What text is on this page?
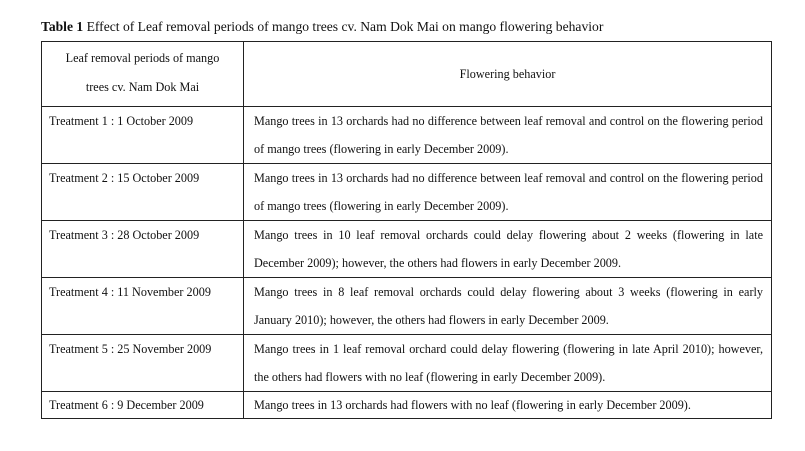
Table 1 Effect of Leaf removal periods of mango trees cv. Nam Dok Mai on mango flowering behavior
Leaf removal periods of mango
trees cv. Nam Dok Mai	Flowering behavior
Treatment 1 : 1 October 2009	Mango trees in 13 orchards had no difference between leaf removal and control on the flowering period of mango trees (flowering in early December 2009).
Treatment 2 : 15 October 2009	Mango trees in 13 orchards had no difference between leaf removal and control on the flowering period of mango trees (flowering in early December 2009).
Treatment 3 : 28 October 2009	Mango trees in 10 leaf removal orchards could delay flowering about 2 weeks (flowering in late December 2009); however, the others had flowers in early December 2009.
Treatment 4 : 11 November 2009	Mango trees in 8 leaf removal orchards could delay flowering about 3 weeks (flowering in early January 2010); however, the others had flowers in early December 2009.
Treatment 5 : 25 November 2009	Mango trees in 1 leaf removal orchard could delay flowering (flowering in late April 2010); however, the others had flowers with no leaf (flowering in early December 2009).
Treatment 6 : 9 December 2009	Mango trees in 13 orchards had flowers with no leaf (flowering in early December 2009).
